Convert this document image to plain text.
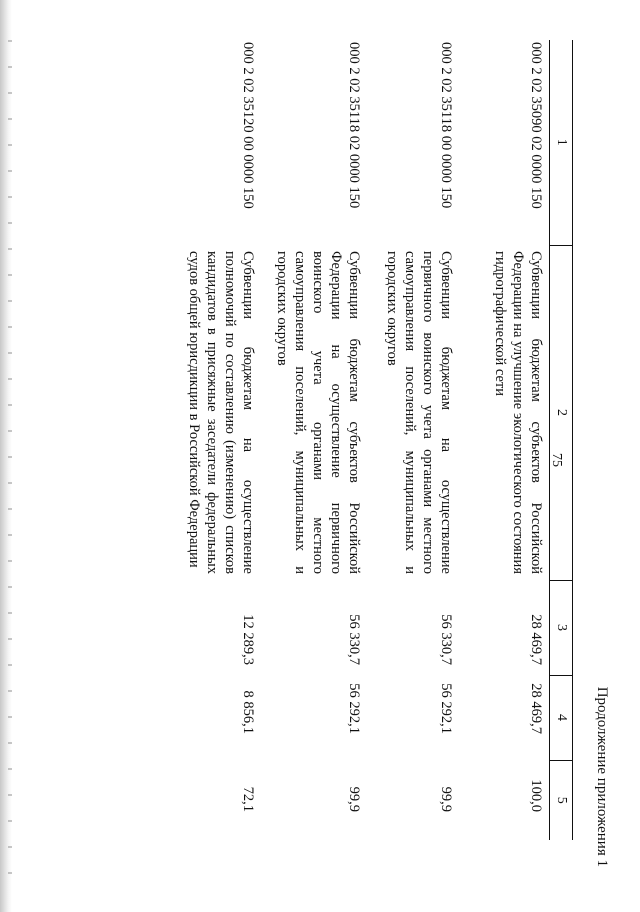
75
Продолжение приложения 1
1	2	3	4	5
000 2 02 35090 02 0000 150	Субвенции бюджетам субъектов Российской Федерации на улучшение экологического состояния гидрографической сети	28 469,7	28 469,7	100,0
000 2 02 35118 00 0000 150	Субвенции бюджетам на осуществление первичного воинского учета органами местного самоуправления поселений, муниципальных и городских округов	56 330,7	56 292,1	99,9
000 2 02 35118 02 0000 150	Субвенции бюджетам субъектов Российской Федерации на осуществление первичного воинского учета органами местного самоуправления поселений, муниципальных и городских округов	56 330,7	56 292,1	99,9
000 2 02 35120 00 0000 150	Субвенции бюджетам на осуществление полномочий по составлению (изменению) списков кандидатов в присяжные заседатели федеральных судов общей юрисдикции в Российской Федерации	12 289,3	8 856,1	72,1
